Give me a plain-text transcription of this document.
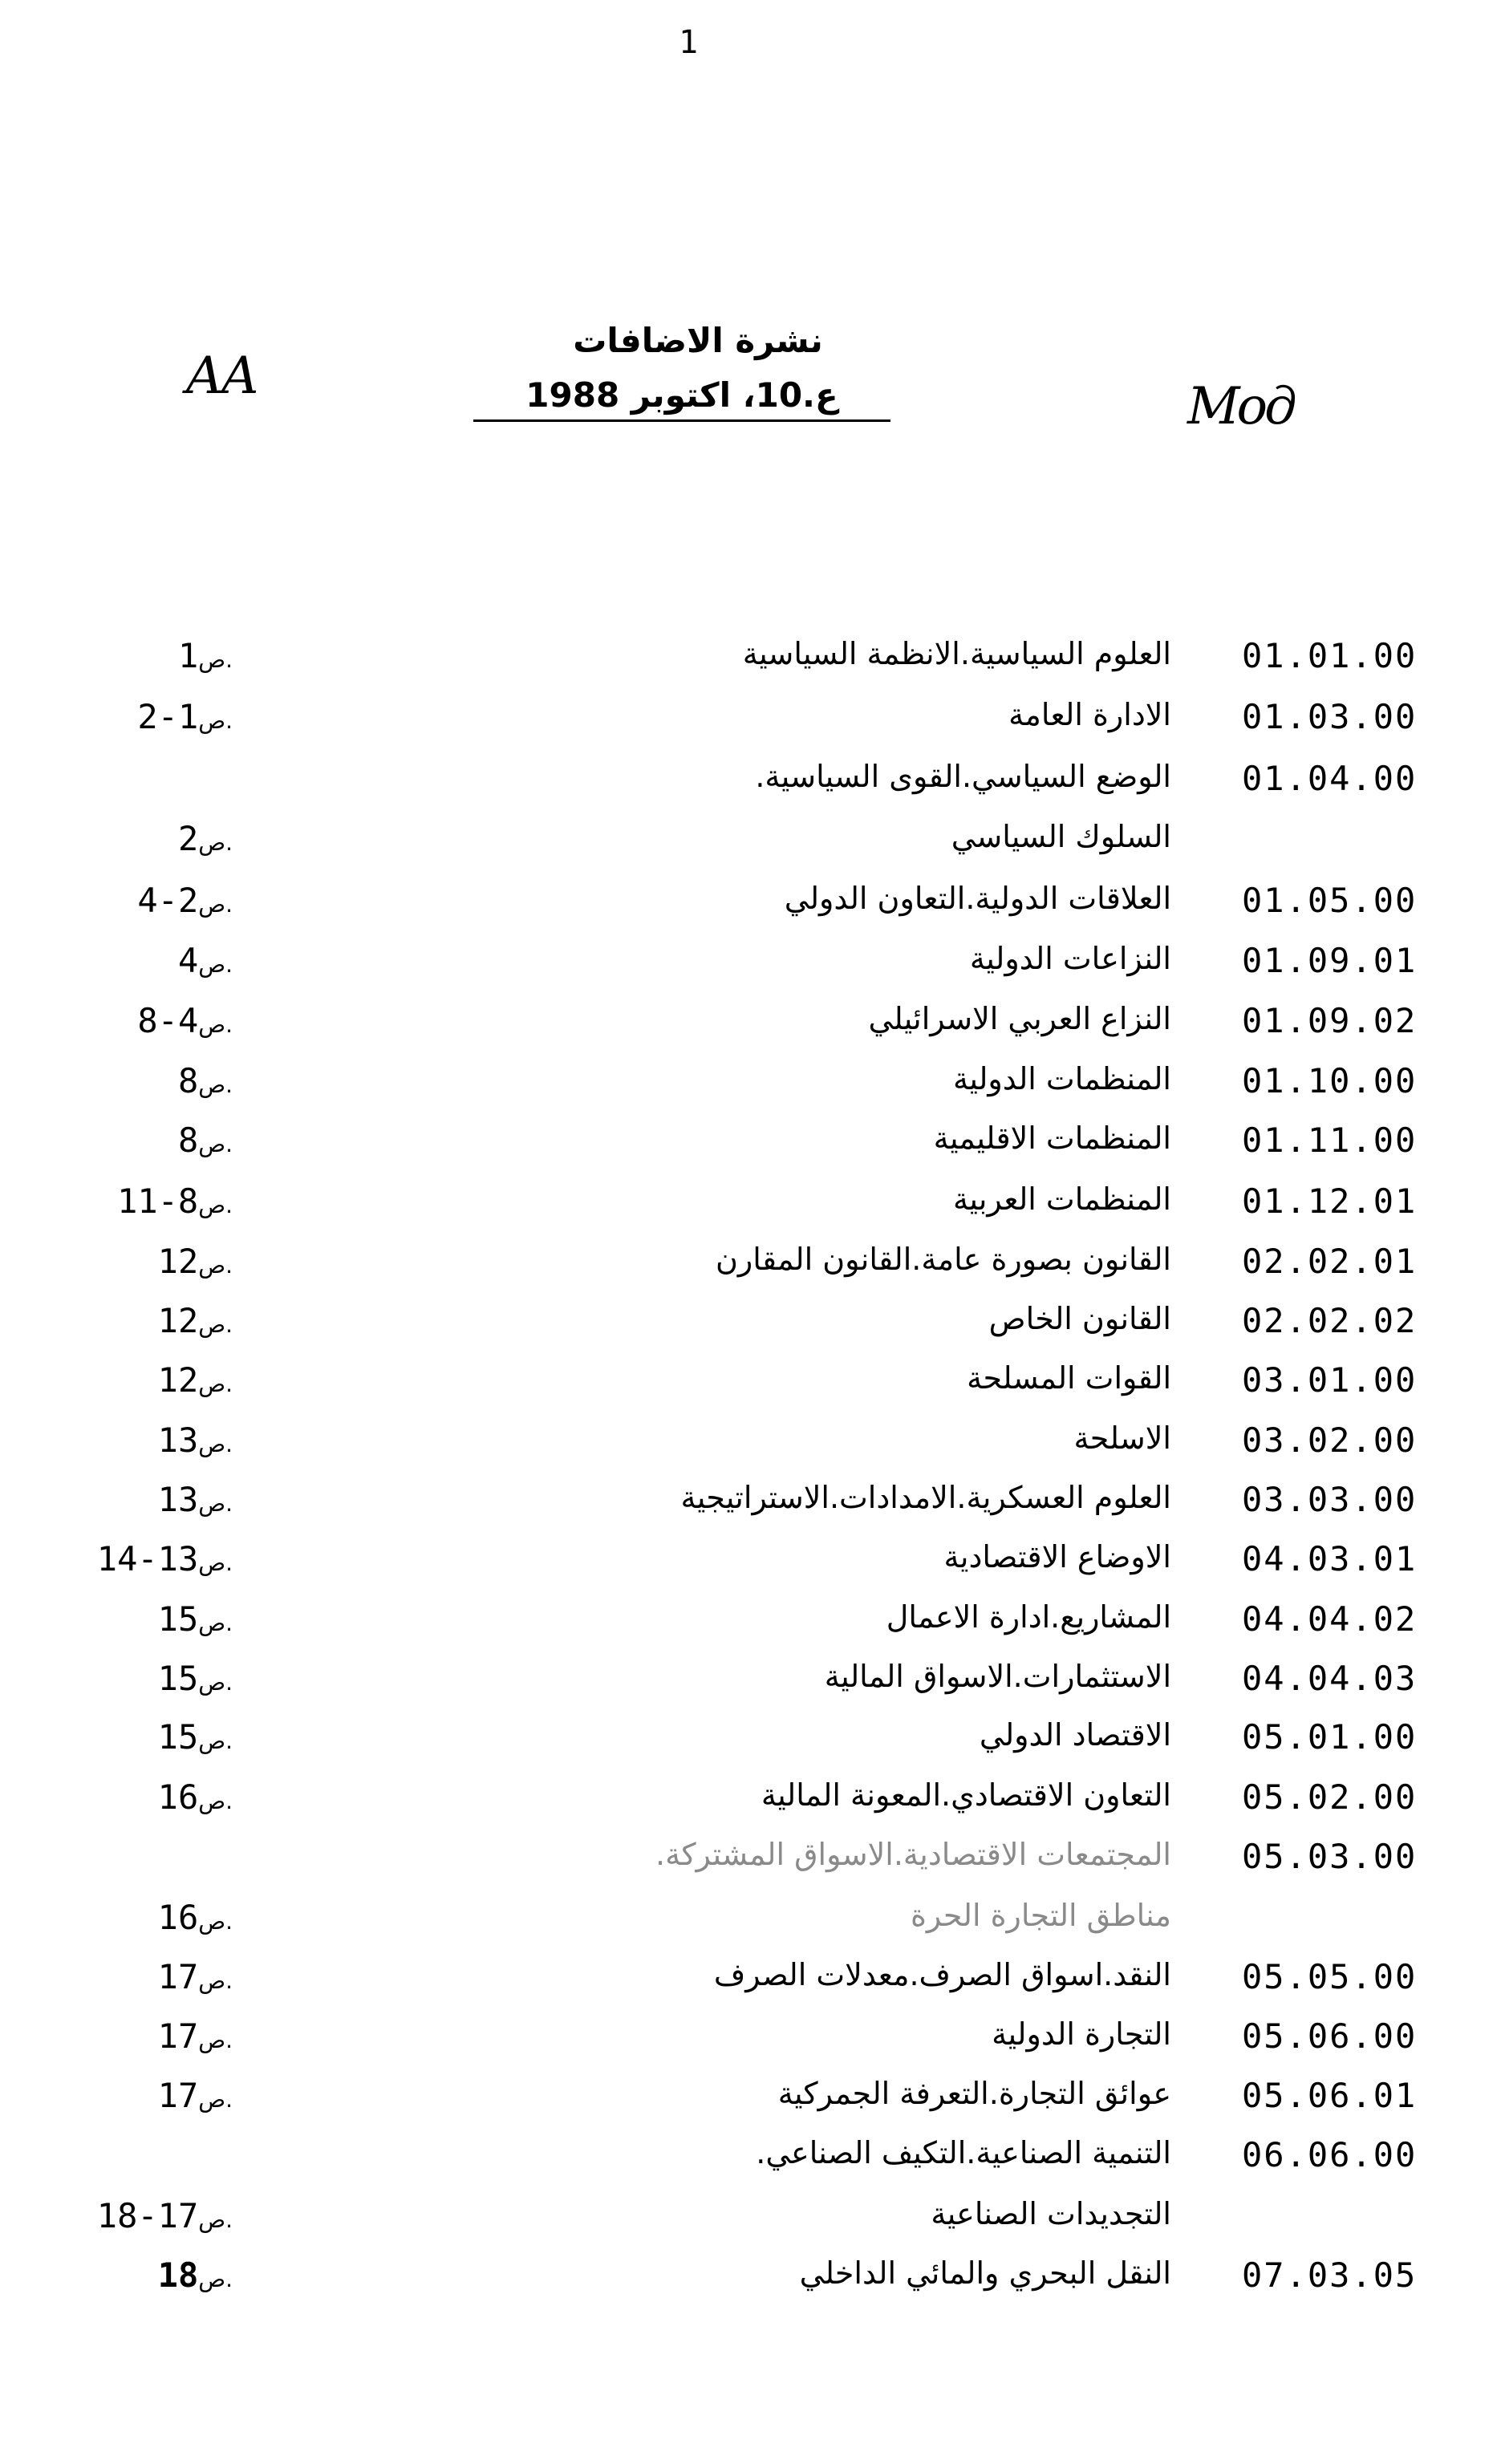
1
AA
Мод
نشرة الاضافات
ع.10، اكتوبر 1988
01.01.00
العلوم السياسية.الانظمة السياسية
1ص.
01.03.00
الادارة العامة
2-1ص.
01.04.00
الوضع السياسي.القوى السياسية.
السلوك السياسي
2ص.
01.05.00
العلاقات الدولية.التعاون الدولي
4-2ص.
01.09.01
النزاعات الدولية
4ص.
01.09.02
النزاع العربي الاسرائيلي
8-4ص.
01.10.00
المنظمات الدولية
8ص.
01.11.00
المنظمات الاقليمية
8ص.
01.12.01
المنظمات العربية
11-8ص.
02.02.01
القانون بصورة عامة.القانون المقارن
12ص.
02.02.02
القانون الخاص
12ص.
03.01.00
القوات المسلحة
12ص.
03.02.00
الاسلحة
13ص.
03.03.00
العلوم العسكرية.الامدادات.الاستراتيجية
13ص.
04.03.01
الاوضاع الاقتصادية
14-13ص.
04.04.02
المشاريع.ادارة الاعمال
15ص.
04.04.03
الاستثمارات.الاسواق المالية
15ص.
05.01.00
الاقتصاد الدولي
15ص.
05.02.00
التعاون الاقتصادي.المعونة المالية
16ص.
05.03.00
المجتمعات الاقتصادية.الاسواق المشتركة.
مناطق التجارة الحرة
16ص.
05.05.00
النقد.اسواق الصرف.معدلات الصرف
17ص.
05.06.00
التجارة الدولية
17ص.
05.06.01
عوائق التجارة.التعرفة الجمركية
17ص.
06.06.00
التنمية الصناعية.التكيف الصناعي.
التجديدات الصناعية
18-17ص.
07.03.05
النقل البحري والمائي الداخلي
18ص.
